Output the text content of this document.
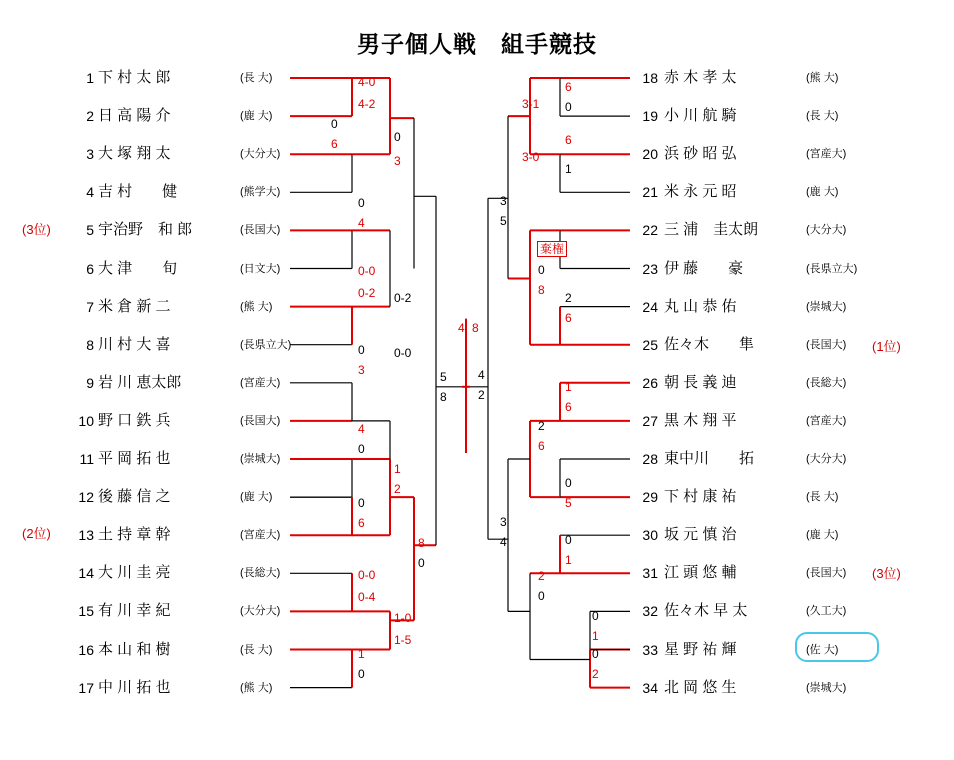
男子個人戦　組手競技
1 下 村 太 郎	(長 大)
2 日 高 陽 介	(鹿 大)
3 大 塚 翔 太	(大分大)
4 吉 村　　健	(熊学大)
5 宇治野　和 郎	(長国大)
6 大 津　　旬	(日文大)
7 米 倉 新 二	(熊 大)
8 川 村 大 喜	(長県立大)
9 岩 川 恵太郎	(宮産大)
10 野 口 鉄 兵	(長国大)
11 平 岡 拓 也	(崇城大)
12 後 藤 信 之	(鹿 大)
13 土 持 章 幹	(宮産大)
14 大 川 圭 亮	(長総大)
15 有 川 幸 紀	(大分大)
16 本 山 和 樹	(長 大)
17 中 川 拓 也	(熊 大)
18 赤 木 孝 太	(熊 大)
19 小 川 航 騎	(長 大)
20 浜 砂 昭 弘	(宮産大)
21 米 永 元 昭	(鹿 大)
22 三 浦　圭太朗	(大分大)
23 伊 藤　　豪	(長県立大)
24 丸 山 恭 佑	(崇城大)
25 佐々木　　隼	(長国大)
26 朝 長 義 迪	(長総大)
27 黒 木 翔 平	(宮産大)
28 東中川　　拓	(大分大)
29 下 村 康 祐	(長 大)
30 坂 元 慎 治	(鹿 大)
31 江 頭 悠 輔	(長国大)
32 佐々木 早 太	(久工大)
33 星 野 祐 輝	(佐 大)
34 北 岡 悠 生	(崇城大)
(3位)
(2位)
(1位)
(3位)
4-0
4-2
0
6	0
3
0
4
0-0
0-2 0-2
0
3
0-0
4
0
1
2
0
6
8
0
0-0
0-4
1-0
1-5
1
0
5
8
4 8
4
2
3
5
3
4
3-1
3-0
0
8
6
0
6
1
2
6
1
6
2
6
0
5
0
1
2
0
0
1
0
2
棄権
